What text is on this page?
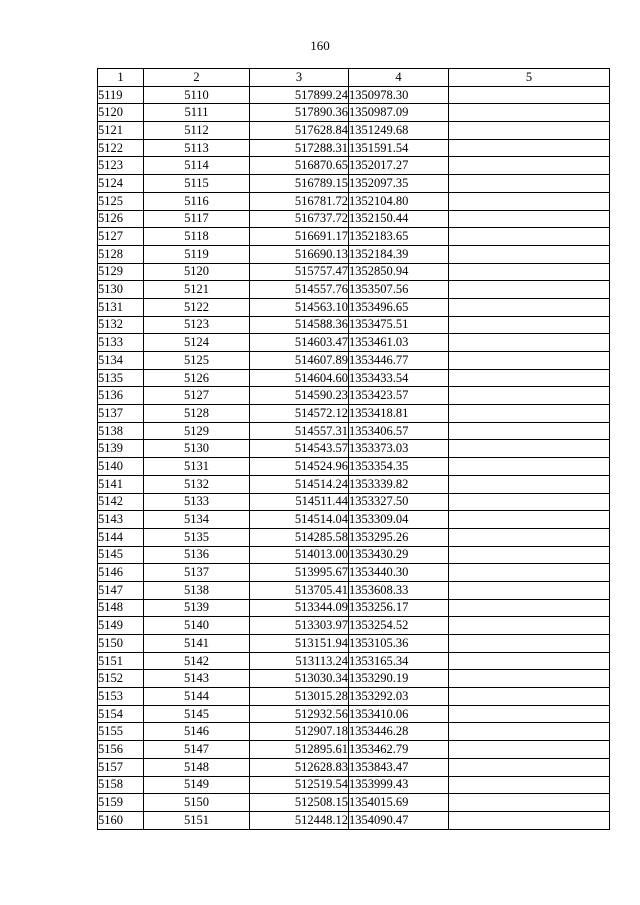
160
1	2	3	4	5
5119	5110	517899.24	1350978.30	
5120	5111	517890.36	1350987.09	
5121	5112	517628.84	1351249.68	
5122	5113	517288.31	1351591.54	
5123	5114	516870.65	1352017.27	
5124	5115	516789.15	1352097.35	
5125	5116	516781.72	1352104.80	
5126	5117	516737.72	1352150.44	
5127	5118	516691.17	1352183.65	
5128	5119	516690.13	1352184.39	
5129	5120	515757.47	1352850.94	
5130	5121	514557.76	1353507.56	
5131	5122	514563.10	1353496.65	
5132	5123	514588.36	1353475.51	
5133	5124	514603.47	1353461.03	
5134	5125	514607.89	1353446.77	
5135	5126	514604.60	1353433.54	
5136	5127	514590.23	1353423.57	
5137	5128	514572.12	1353418.81	
5138	5129	514557.31	1353406.57	
5139	5130	514543.57	1353373.03	
5140	5131	514524.96	1353354.35	
5141	5132	514514.24	1353339.82	
5142	5133	514511.44	1353327.50	
5143	5134	514514.04	1353309.04	
5144	5135	514285.58	1353295.26	
5145	5136	514013.00	1353430.29	
5146	5137	513995.67	1353440.30	
5147	5138	513705.41	1353608.33	
5148	5139	513344.09	1353256.17	
5149	5140	513303.97	1353254.52	
5150	5141	513151.94	1353105.36	
5151	5142	513113.24	1353165.34	
5152	5143	513030.34	1353290.19	
5153	5144	513015.28	1353292.03	
5154	5145	512932.56	1353410.06	
5155	5146	512907.18	1353446.28	
5156	5147	512895.61	1353462.79	
5157	5148	512628.83	1353843.47	
5158	5149	512519.54	1353999.43	
5159	5150	512508.15	1354015.69	
5160	5151	512448.12	1354090.47	
